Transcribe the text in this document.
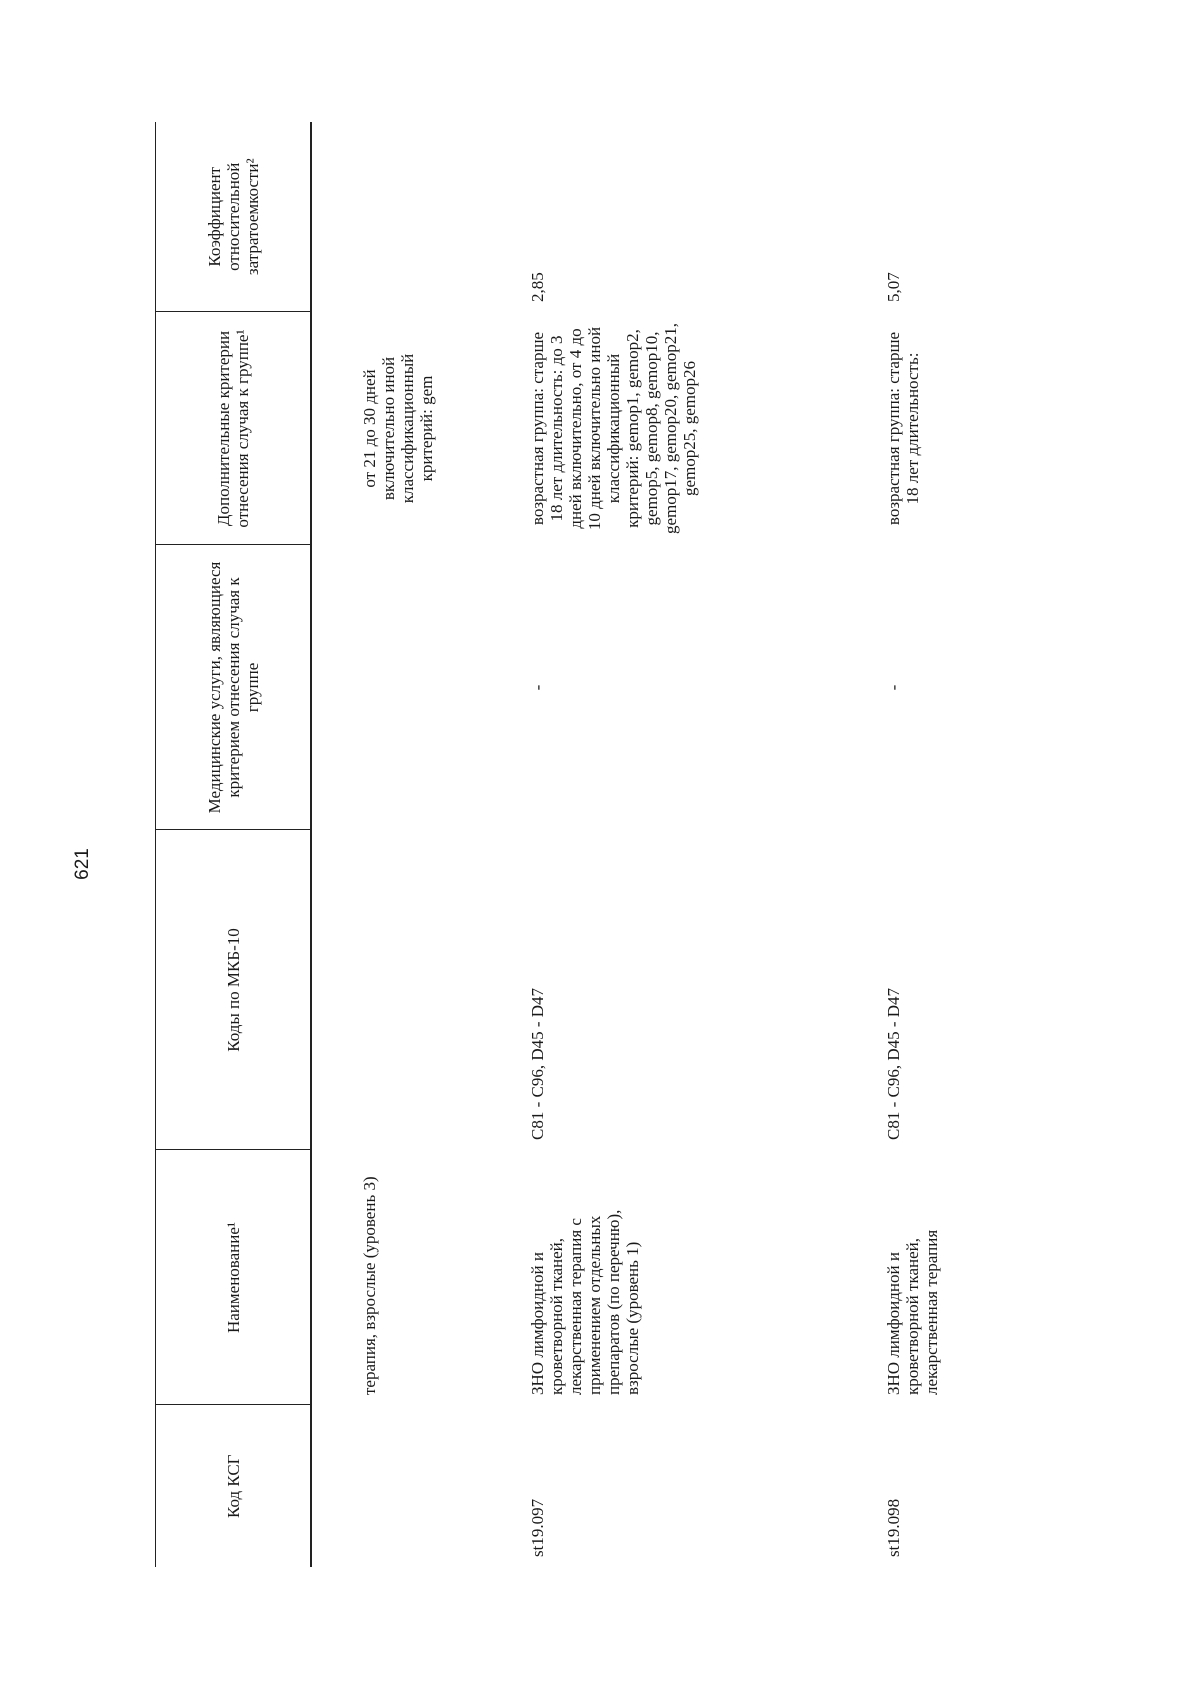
621
Код КСГ	Наименование¹	Коды по МКБ-10	Медицинские услуги, являющиеся критерием отнесения случая к группе	Дополнительные критерии отнесения случая к группе¹	Коэффициент относительной затратоемкости²
	терапия, взрослые (уровень 3)			от 21 до 30 дней включительно иной классификационный критерий: gem	
st19.097	ЗНО лимфоидной и кроветворной тканей, лекарственная терапия с применением отдельных препаратов (по перечню), взрослые (уровень 1)	C81 - C96, D45 - D47	-	возрастная группа: старше 18 лет длительность: до 3 дней включительно, от 4 до 10 дней включительно иной классификационный критерий: gemop1, gemop2, gemop5, gemop8, gemop10, gemop17, gemop20, gemop21, gemop25, gemop26	2,85
st19.098	ЗНО лимфоидной и кроветворной тканей, лекарственная терапия	C81 - C96, D45 - D47	-	возрастная группа: старше 18 лет длительность:	5,07
